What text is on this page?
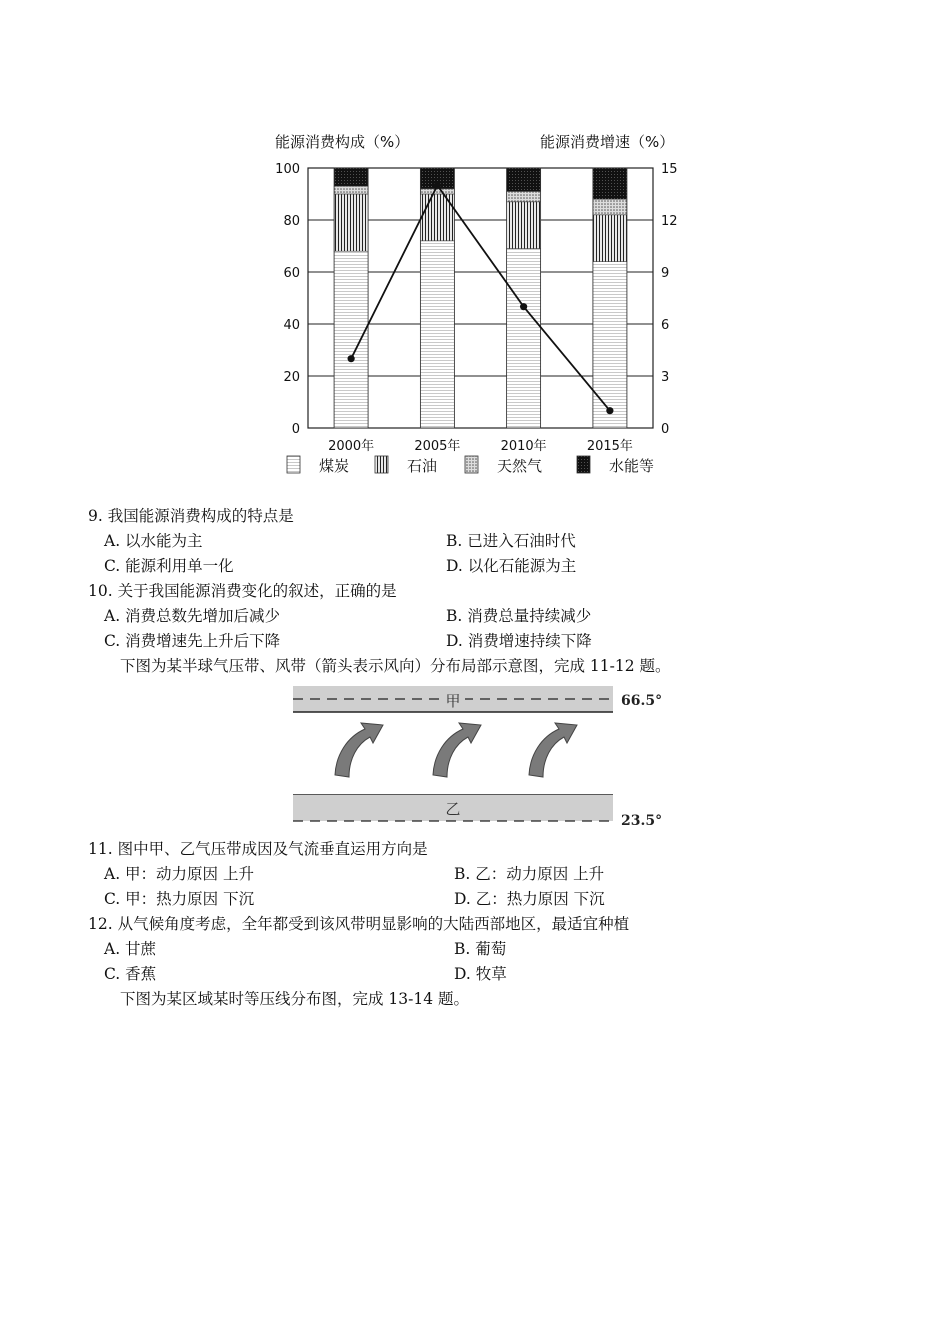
能源消费构成（%）	能源消费增速（%）
2000年	2005年	2010年	2015年
0
20
40
60
80
100
0
3
6
9
12
15
煤炭	石油	天然气	水能等
9. 我国能源消费构成的特点是
A. 以水能为主	B. 已进入石油时代
C. 能源利用单一化	D. 以化石能源为主
10. 关于我国能源消费变化的叙述，正确的是
A. 消费总数先增加后减少	B. 消费总量持续减少
C. 消费增速先上升后下降	D. 消费增速持续下降
下图为某半球气压带、风带（箭头表示风向）分布局部示意图，完成 11-12 题。
甲	66.5°
乙
23.5°
11. 图中甲、乙气压带成因及气流垂直运用方向是
A. 甲：动力原因 上升	B. 乙：动力原因 上升
C. 甲：热力原因 下沉	D. 乙：热力原因 下沉
12. 从气候角度考虑，全年都受到该风带明显影响的大陆西部地区，最适宜种植
A. 甘蔗	B. 葡萄
C. 香蕉	D. 牧草
下图为某区域某时等压线分布图，完成 13-14 题。
